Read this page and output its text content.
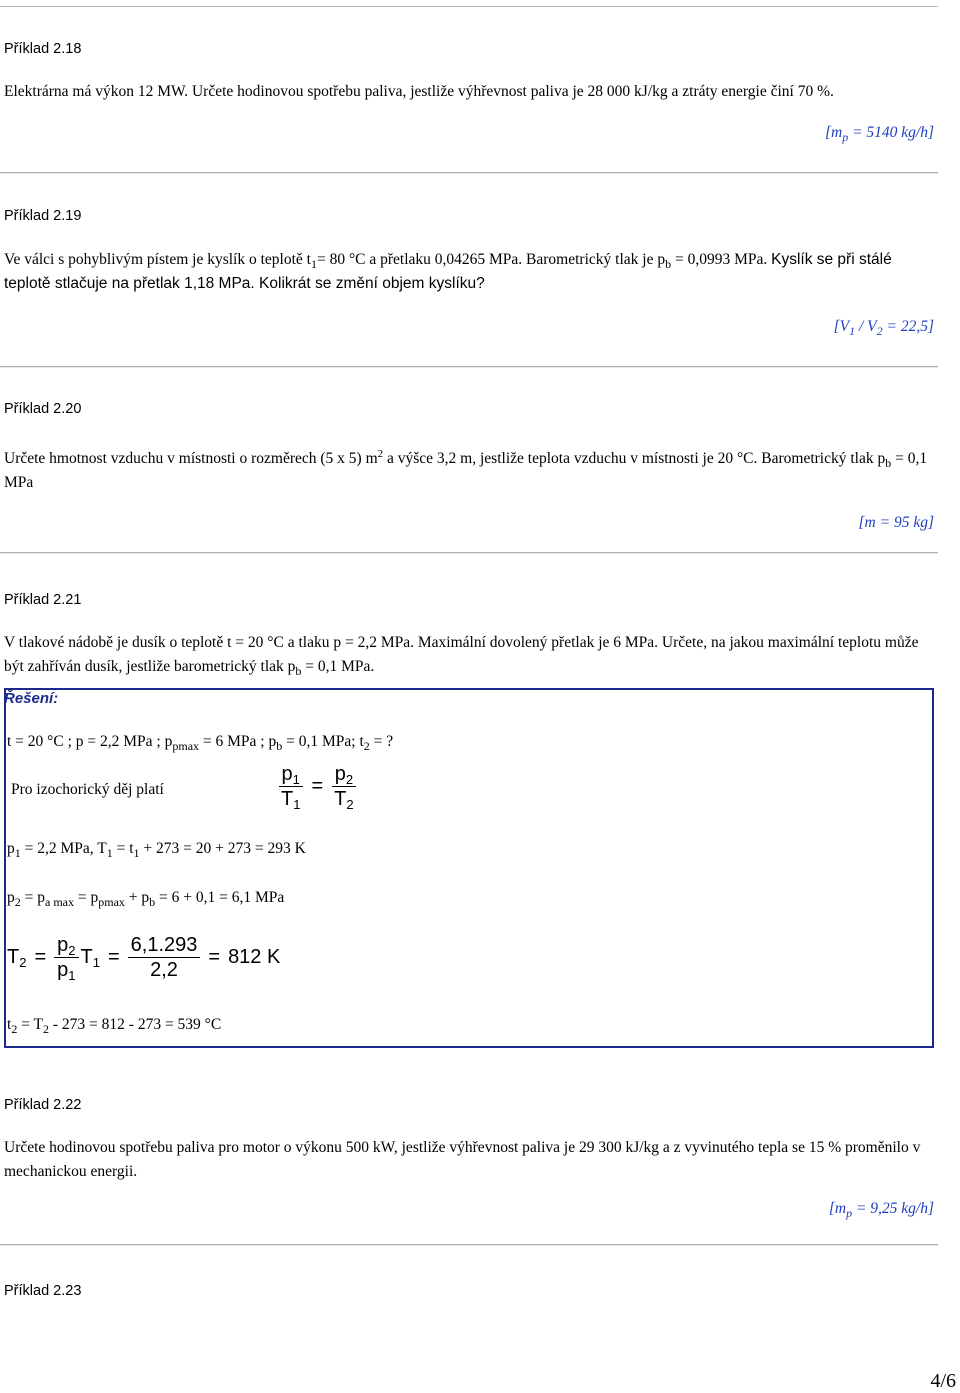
Příklad 2.18
Elektrárna má výkon 12 MW. Určete hodinovou spotřebu paliva, jestliže výhřevnost paliva je 28 000 kJ/kg a ztráty energie činí 70 %.
[$m_p = 5140$ kg/h]
Příklad 2.19
Ve válci s pohyblivým pístem je kyslík o teplotě $t_1= 80$ °C a přetlaku 0,04265 MPa. Barometrický tlak je $p_b = 0,0993$ MPa. Kyslík se při stálé teplotě stlačuje na přetlak 1,18 MPa. Kolikrát se změní objem kyslíku?
$[V_1 / V_2 = 22,5]$
Příklad 2.20
Určete hmotnost vzduchu v místnosti o rozměrech (5 x 5) $m^2$ a výšce 3,2 m, jestliže teplota vzduchu v místnosti je 20 °C. Barometrický tlak $p_b = 0,1$ MPa
[m = 95 kg]
Příklad 2.21
V tlakové nádobě je dusík o teplotě t = 20 °C a tlaku p = 2,2 MPa. Maximální dovolený přetlak je 6 MPa. Určete, na jakou maximální teplotu může být zahříván dusík, jestliže barometrický tlak $p_b = 0,1$ MPa.
Řešení:
t = 20 °C ; p = 2,2 MPa ; $p_{pmax} = 6$ MPa ; $p_b = 0,1$ MPa; $t_2$ = ?
Pro izochorický děj platí	$\frac{p_1}{T_1} = \frac{p_2}{T_2}$
$p_1 = 2,2$ MPa, $T_1 = t_1 + 273 = 20 + 273 = 293$ K
$p_2 = p_{a max} = p_{pmax} + p_b = 6 + 0,1 = 6,1$ MPa
$T_2 = \frac{p_2}{p_1} T_1 = \frac{6,1.293}{2,2} = 812$ K
$t_2 = T_2 - 273 = 812 - 273 = 539$ °C
Příklad 2.22
Určete hodinovou spotřebu paliva pro motor o výkonu 500 kW, jestliže výhřevnost paliva je 29 300 kJ/kg a z vyvinutého tepla se 15 % proměnilo v mechanickou energii.
[$m_p = 9,25$ kg/h]
Příklad 2.23
4/6
